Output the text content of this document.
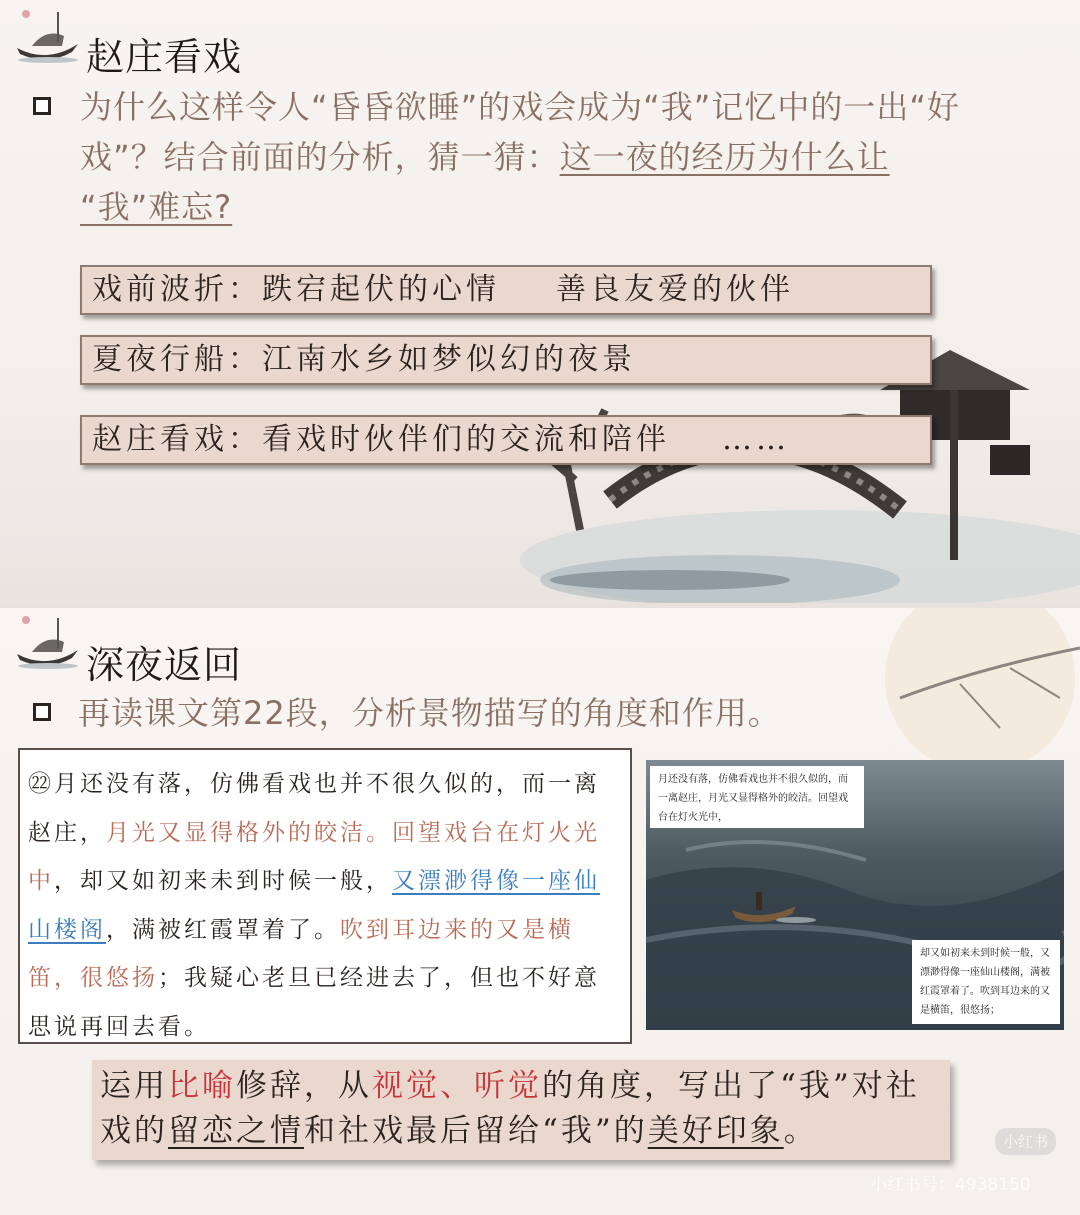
赵庄看戏
为什么这样令人“昏昏欲睡”的戏会成为“我”记忆中的一出“好戏”？结合前面的分析，猜一猜：这一夜的经历为什么让
“我”难忘?
戏前波折：跌宕起伏的心情 善良友爱的伙伴
夏夜行船：江南水乡如梦似幻的夜景
赵庄看戏：看戏时伙伴们的交流和陪伴 ……
深夜返回
再读课文第22段，分析景物描写的角度和作用。
㉒月还没有落，仿佛看戏也并不很久似的，而一离赵庄，月光又显得格外的皎洁。回望戏台在灯火光中，却又如初来未到时候一般，又漂渺得像一座仙山楼阁，满被红霞罩着了。吹到耳边来的又是横笛，很悠扬；我疑心老旦已经进去了，但也不好意思说再回去看。
月还没有落，仿佛看戏也并不很久似的，而一离赵庄，月光又显得格外的皎洁。回望戏台在灯火光中，
却又如初来未到时候一般，又漂渺得像一座仙山楼阁，满被红霞罩着了。吹到耳边来的又是横笛，很悠扬；
运用比喻修辞，从视觉、听觉的角度，写出了“我”对社戏的留恋之情和社戏最后留给“我”的美好印象。	小红书
小红书号：4938150
